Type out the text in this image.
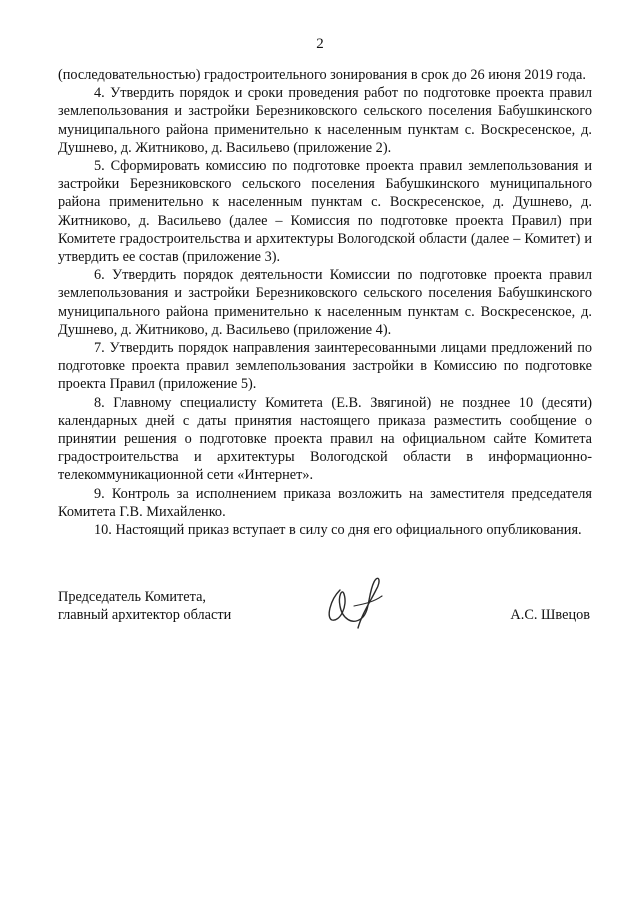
2

(последовательностью) градостроительного зонирования в срок до 26 июня 2019 года.

4. Утвердить порядок и сроки проведения работ по подготовке проекта правил землепользования и застройки Березниковского сельского поселения Бабушкинского муниципального района применительно к населенным пунктам с. Воскресенское, д. Душнево, д. Житниково, д. Васильево (приложение 2).

5. Сформировать комиссию по подготовке проекта правил землепользования и застройки Березниковского сельского поселения Бабушкинского муниципального района применительно к населенным пунктам с. Воскресенское, д. Душнево, д. Житниково, д. Васильево (далее – Комиссия по подготовке проекта Правил) при Комитете градостроительства и архитектуры Вологодской области (далее – Комитет) и утвердить ее состав (приложение 3).

6. Утвердить порядок деятельности Комиссии по подготовке проекта правил землепользования и застройки Березниковского сельского поселения Бабушкинского муниципального района применительно к населенным пунктам с. Воскресенское, д. Душнево, д. Житниково, д. Васильево (приложение 4).

7. Утвердить порядок направления заинтересованными лицами предложений по подготовке проекта правил землепользования застройки в Комиссию по подготовке проекта Правил (приложение 5).

8. Главному специалисту Комитета (Е.В. Звягиной) не позднее 10 (десяти) календарных дней с даты принятия настоящего приказа разместить сообщение о принятии решения о подготовке проекта правил на официальном сайте Комитета градостроительства и архитектуры Вологодской области в информационно-телекоммуникационной сети «Интернет».

9. Контроль за исполнением приказа возложить на заместителя председателя Комитета Г.В. Михайленко.

10. Настоящий приказ вступает в силу со дня его официального опубликования.

Председатель Комитета,
главный архитектор области	А.С. Швецов
